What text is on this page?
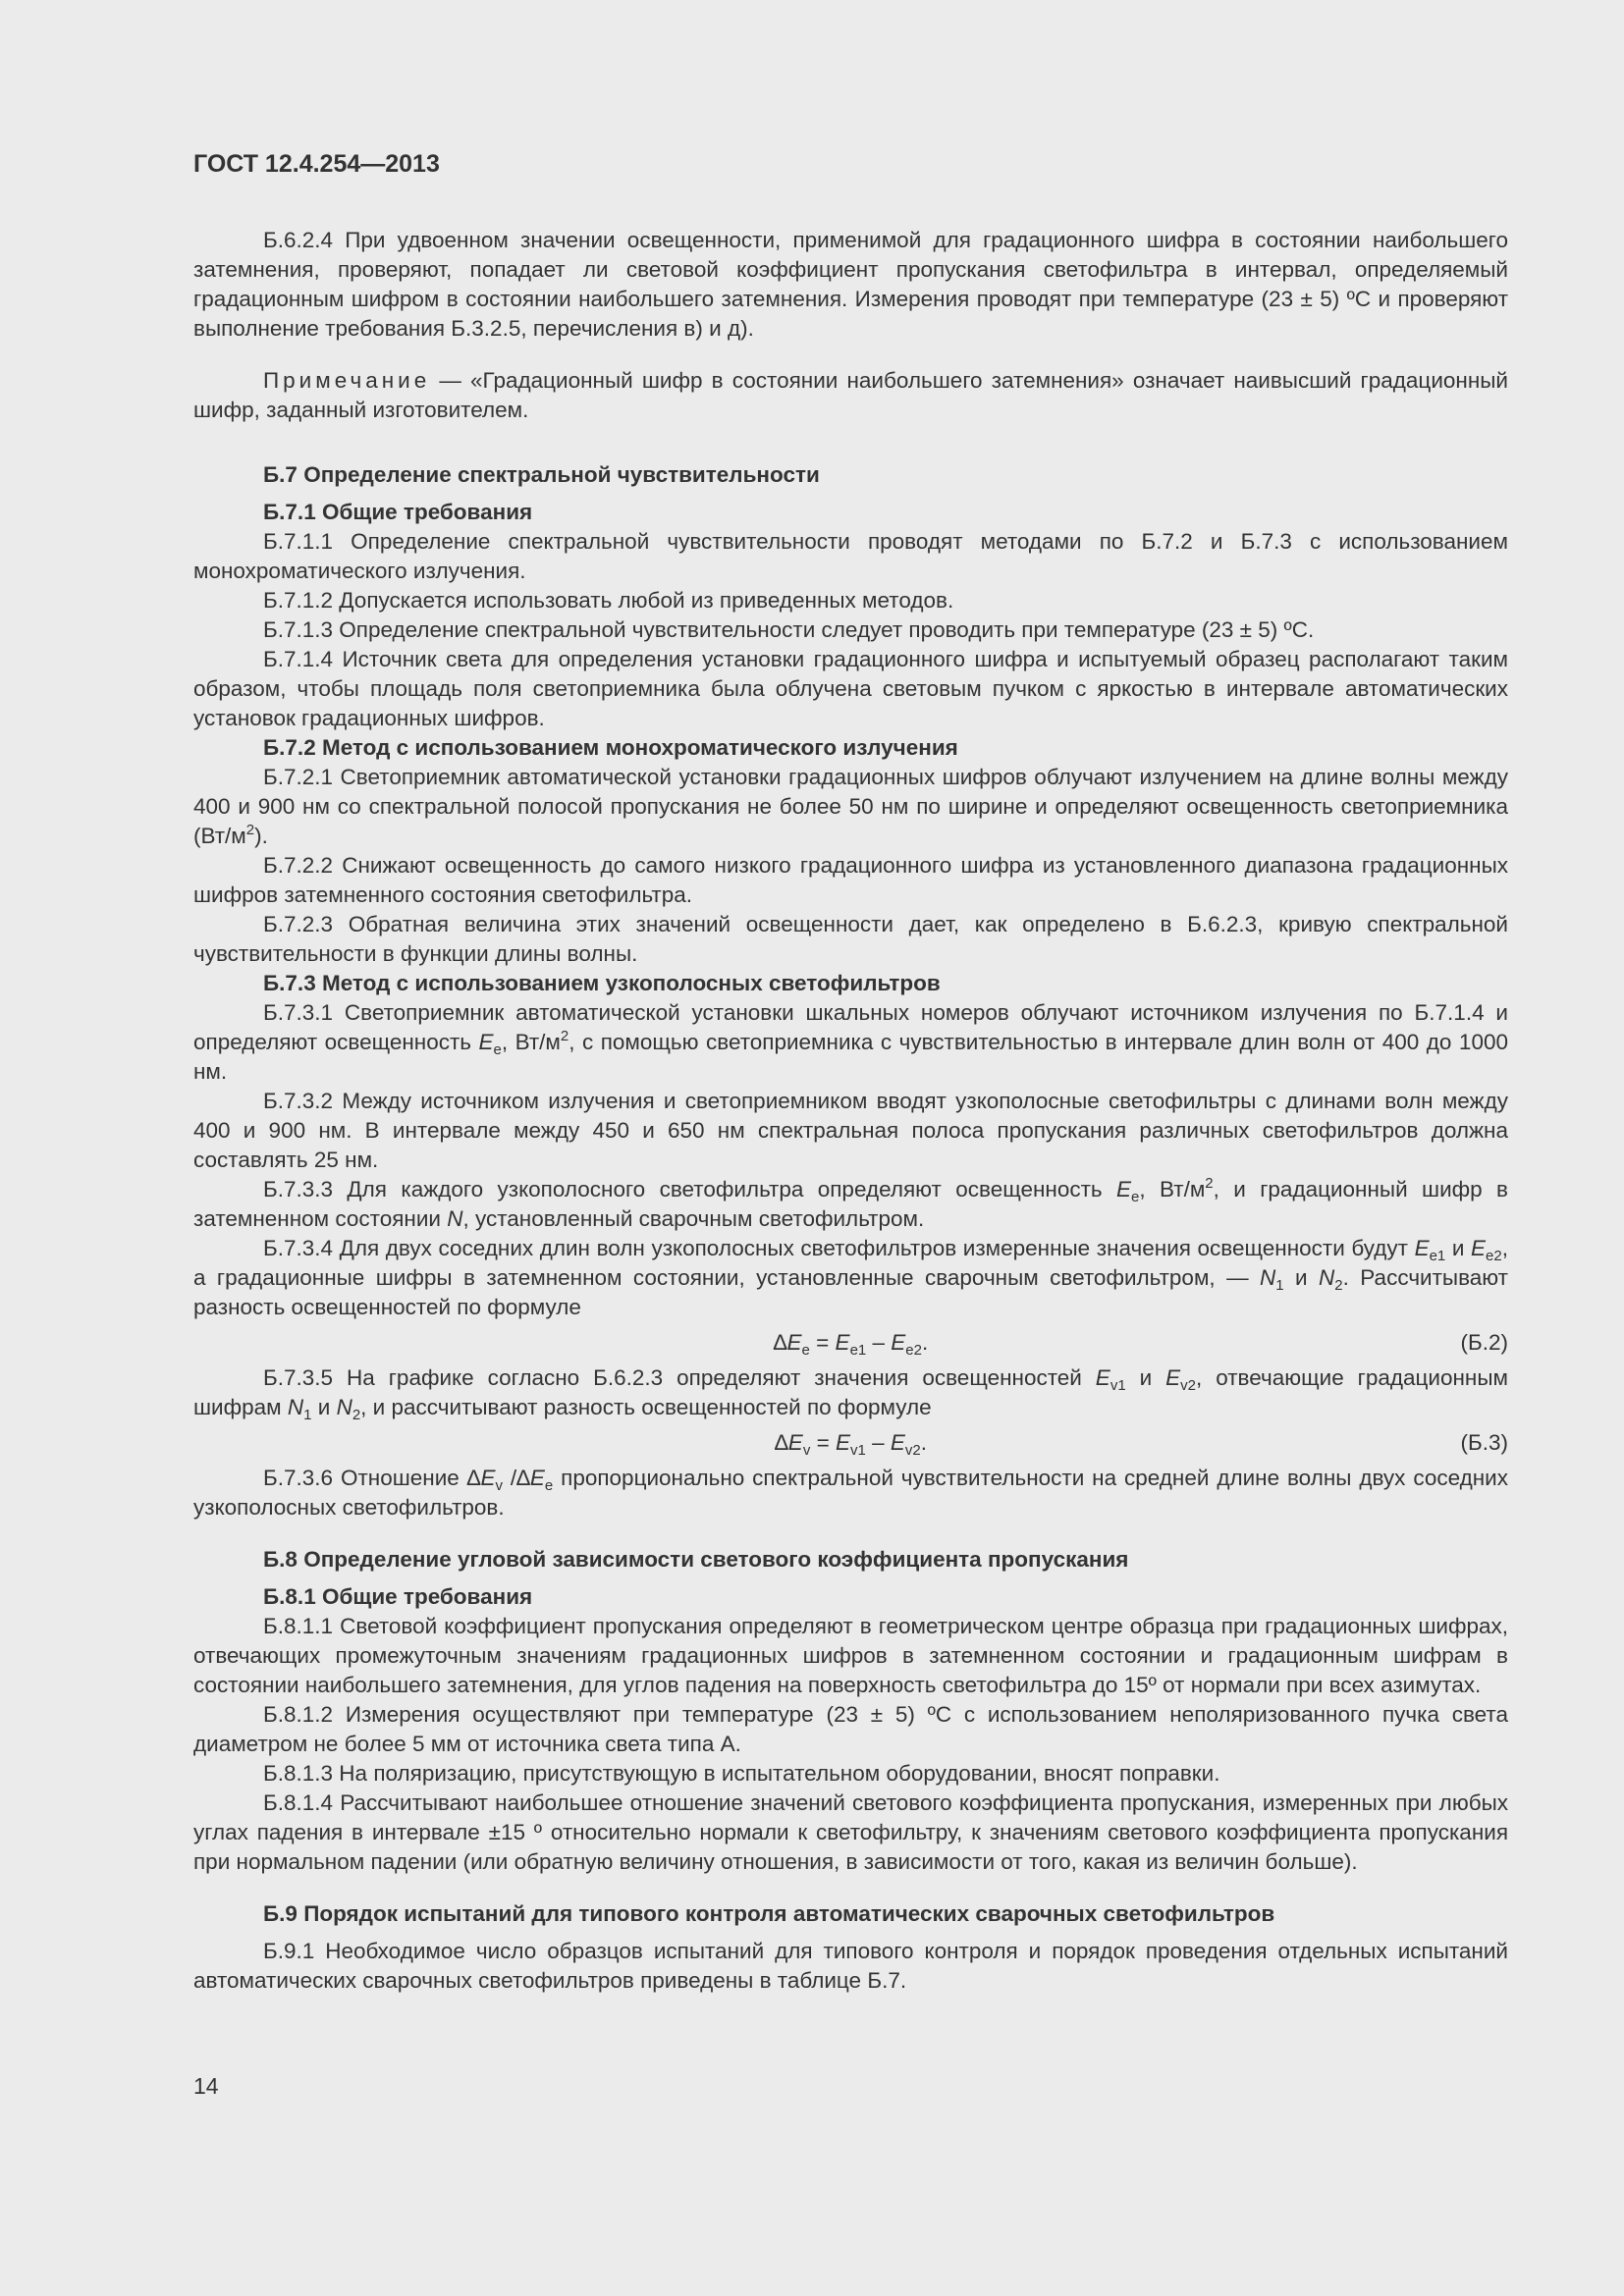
ГОСТ 12.4.254—2013

Б.6.2.4 При удвоенном значении освещенности, применимой для градационного шифра в состоянии наибольшего затемнения, проверяют, попадает ли световой коэффициент пропускания светофильтра в интервал, определяемый градационным шифром в состоянии наибольшего затемнения. Измерения проводят при температуре (23 ± 5) ºС и проверяют выполнение требования Б.3.2.5, перечисления в) и д).

Примечание — «Градационный шифр в состоянии наибольшего затемнения» означает наивысший градационный шифр, заданный изготовителем.

Б.7 Определение спектральной чувствительности

Б.7.1 Общие требования

Б.7.1.1 Определение спектральной чувствительности проводят методами по Б.7.2 и Б.7.3 с использованием монохроматического излучения.

Б.7.1.2 Допускается использовать любой из приведенных методов.

Б.7.1.3 Определение спектральной чувствительности следует проводить при температуре (23 ± 5) ºС.

Б.7.1.4 Источник света для определения установки градационного шифра и испытуемый образец располагают таким образом, чтобы площадь поля светоприемника была облучена световым пучком с яркостью в интервале автоматических установок градационных шифров.

Б.7.2 Метод с использованием монохроматического излучения

Б.7.2.1 Светоприемник автоматической установки градационных шифров облучают излучением на длине волны между 400 и 900 нм со спектральной полосой пропускания не более 50 нм по ширине и определяют освещенность светоприемника $(Вт/м^2)$.

Б.7.2.2 Снижают освещенность до самого низкого градационного шифра из установленного диапазона градационных шифров затемненного состояния светофильтра.

Б.7.2.3 Обратная величина этих значений освещенности дает, как определено в Б.6.2.3, кривую спектральной чувствительности в функции длины волны.

Б.7.3 Метод с использованием узкополосных светофильтров

Б.7.3.1 Светоприемник автоматической установки шкальных номеров облучают источником излучения по Б.7.1.4 и определяют освещенность $E_e$, $Вт/м^2$, с помощью светоприемника с чувствительностью в интервале длин волн от 400 до 1000 нм.

Б.7.3.2 Между источником излучения и светоприемником вводят узкополосные светофильтры с длинами волн между 400 и 900 нм. В интервале между 450 и 650 нм спектральная полоса пропускания различных светофильтров должна составлять 25 нм.

Б.7.3.3 Для каждого узкополосного светофильтра определяют освещенность $E_e$, $Вт/м^2$, и градационный шифр в затемненном состоянии N, установленный сварочным светофильтром.

Б.7.3.4 Для двух соседних длин волн узкополосных светофильтров измеренные значения освещенности будут $E_{e1}$ и $E_{e2}$, а градационные шифры в затемненном состоянии, установленные сварочным светофильтром, — $N_1$ и $N_2$. Рассчитывают разность освещенностей по формуле

$\Delta E_e = E_{e1} - E_{e2}$.	(Б.2)

Б.7.3.5 На графике согласно Б.6.2.3 определяют значения освещенностей $E_{v1}$ и $E_{v2}$, отвечающие градационным шифрам $N_1$ и $N_2$, и рассчитывают разность освещенностей по формуле

$\Delta E_v = E_{v1} - E_{v2}$.	(Б.3)

Б.7.3.6 Отношение $\Delta E_v$ $/\Delta E_e$ пропорционально спектральной чувствительности на средней длине волны двух соседних узкополосных светофильтров.

Б.8 Определение угловой зависимости светового коэффициента пропускания

Б.8.1 Общие требования

Б.8.1.1 Световой коэффициент пропускания определяют в геометрическом центре образца при градационных шифрах, отвечающих промежуточным значениям градационных шифров в затемненном состоянии и градационным шифрам в состоянии наибольшего затемнения, для углов падения на поверхность светофильтра до 15º от нормали при всех азимутах.

Б.8.1.2 Измерения осуществляют при температуре (23 ± 5) ºС с использованием неполяризованного пучка света диаметром не более 5 мм от источника света типа А.

Б.8.1.3 На поляризацию, присутствующую в испытательном оборудовании, вносят поправки.

Б.8.1.4 Рассчитывают наибольшее отношение значений светового коэффициента пропускания, измеренных при любых углах падения в интервале ±15 º относительно нормали к светофильтру, к значениям светового коэффициента пропускания при нормальном падении (или обратную величину отношения, в зависимости от того, какая из величин больше).

Б.9 Порядок испытаний для типового контроля автоматических сварочных светофильтров

Б.9.1 Необходимое число образцов испытаний для типового контроля и порядок проведения отдельных испытаний автоматических сварочных светофильтров приведены в таблице Б.7.

14
